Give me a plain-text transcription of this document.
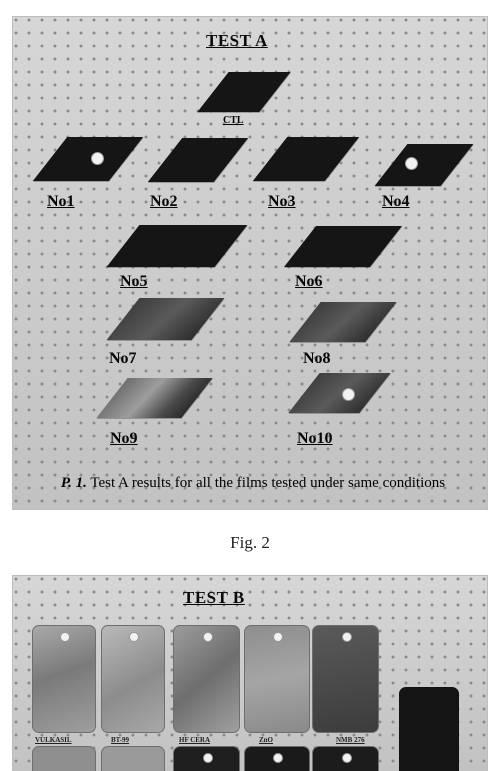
TEST A
CTL
No1	No2	No3	No4
No5	No6
No7	No8
No9	No10
P. 1. Test A results for all the films tested under same conditions
Fig. 2
TEST B
VULKASIL	BT-99	HF CERA	ZnO	NMB 276
